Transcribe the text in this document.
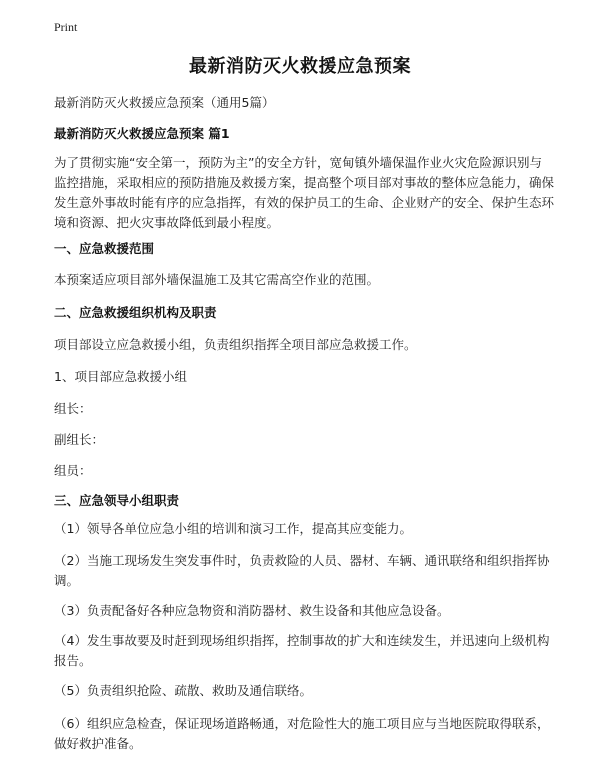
Print
最新消防灭火救援应急预案
最新消防灭火救援应急预案（通用5篇）
最新消防灭火救援应急预案 篇1
为了贯彻实施“安全第一，预防为主”的安全方针，宽甸镇外墙保温作业火灾危险源识别与监控措施，采取相应的预防措施及救援方案，提高整个项目部对事故的整体应急能力，确保发生意外事故时能有序的应急指挥，有效的保护员工的生命、企业财产的安全、保护生态环境和资源、把火灾事故降低到最小程度。
一、应急救援范围
本预案适应项目部外墙保温施工及其它需高空作业的范围。
二、应急救援组织机构及职责
项目部设立应急救援小组，负责组织指挥全项目部应急救援工作。
1、项目部应急救援小组
组长：
副组长：
组员：
三、应急领导小组职责
（1）领导各单位应急小组的培训和演习工作，提高其应变能力。
（2）当施工现场发生突发事件时，负责救险的人员、器材、车辆、通讯联络和组织指挥协调。
（3）负责配备好各种应急物资和消防器材、救生设备和其他应急设备。
（4）发生事故要及时赶到现场组织指挥，控制事故的扩大和连续发生，并迅速向上级机构报告。
（5）负责组织抢险、疏散、救助及通信联络。
（6）组织应急检查，保证现场道路畅通，对危险性大的施工项目应与当地医院取得联系，做好救护准备。
